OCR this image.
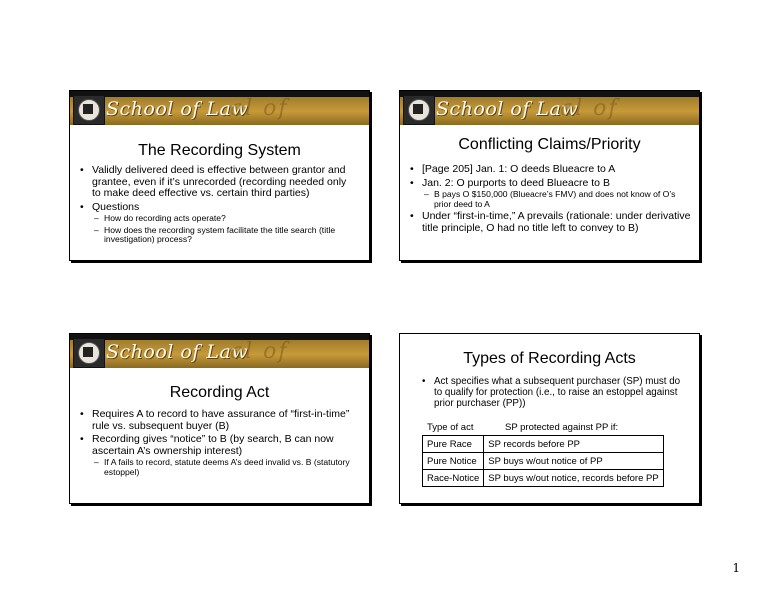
School of Law
al of
The Recording System
• Validly delivered deed is effective between grantor and grantee, even if it’s unrecorded (recording needed only to make deed effective vs. certain third parties)
• Questions
– How do recording acts operate?
– How does the recording system facilitate the title search (title investigation) process?
School of Law
al of
Conflicting Claims/Priority
• [Page 205] Jan. 1: O deeds Blueacre to A
• Jan. 2: O purports to deed Blueacre to B
– B pays O $150,000 (Blueacre’s FMV) and does not know of O’s prior deed to A
• Under “first-in-time,” A prevails (rationale: under derivative title principle, O had no title left to convey to B)
School of Law
al of
Recording Act
• Requires A to record to have assurance of “first-in-time” rule vs. subsequent buyer (B)
• Recording gives “notice” to B (by search, B can now ascertain A’s ownership interest)
– If A fails to record, statute deems A’s deed invalid vs. B (statutory estoppel)
Types of Recording Acts
• Act specifies what a subsequent purchaser (SP) must do to qualify for protection (i.e., to raise an estoppel against prior purchaser (PP))
Type of act	SP protected against PP if:
Pure Race	SP records before PP
Pure Notice	SP buys w/out notice of PP
Race-Notice	SP buys w/out notice, records before PP
1
